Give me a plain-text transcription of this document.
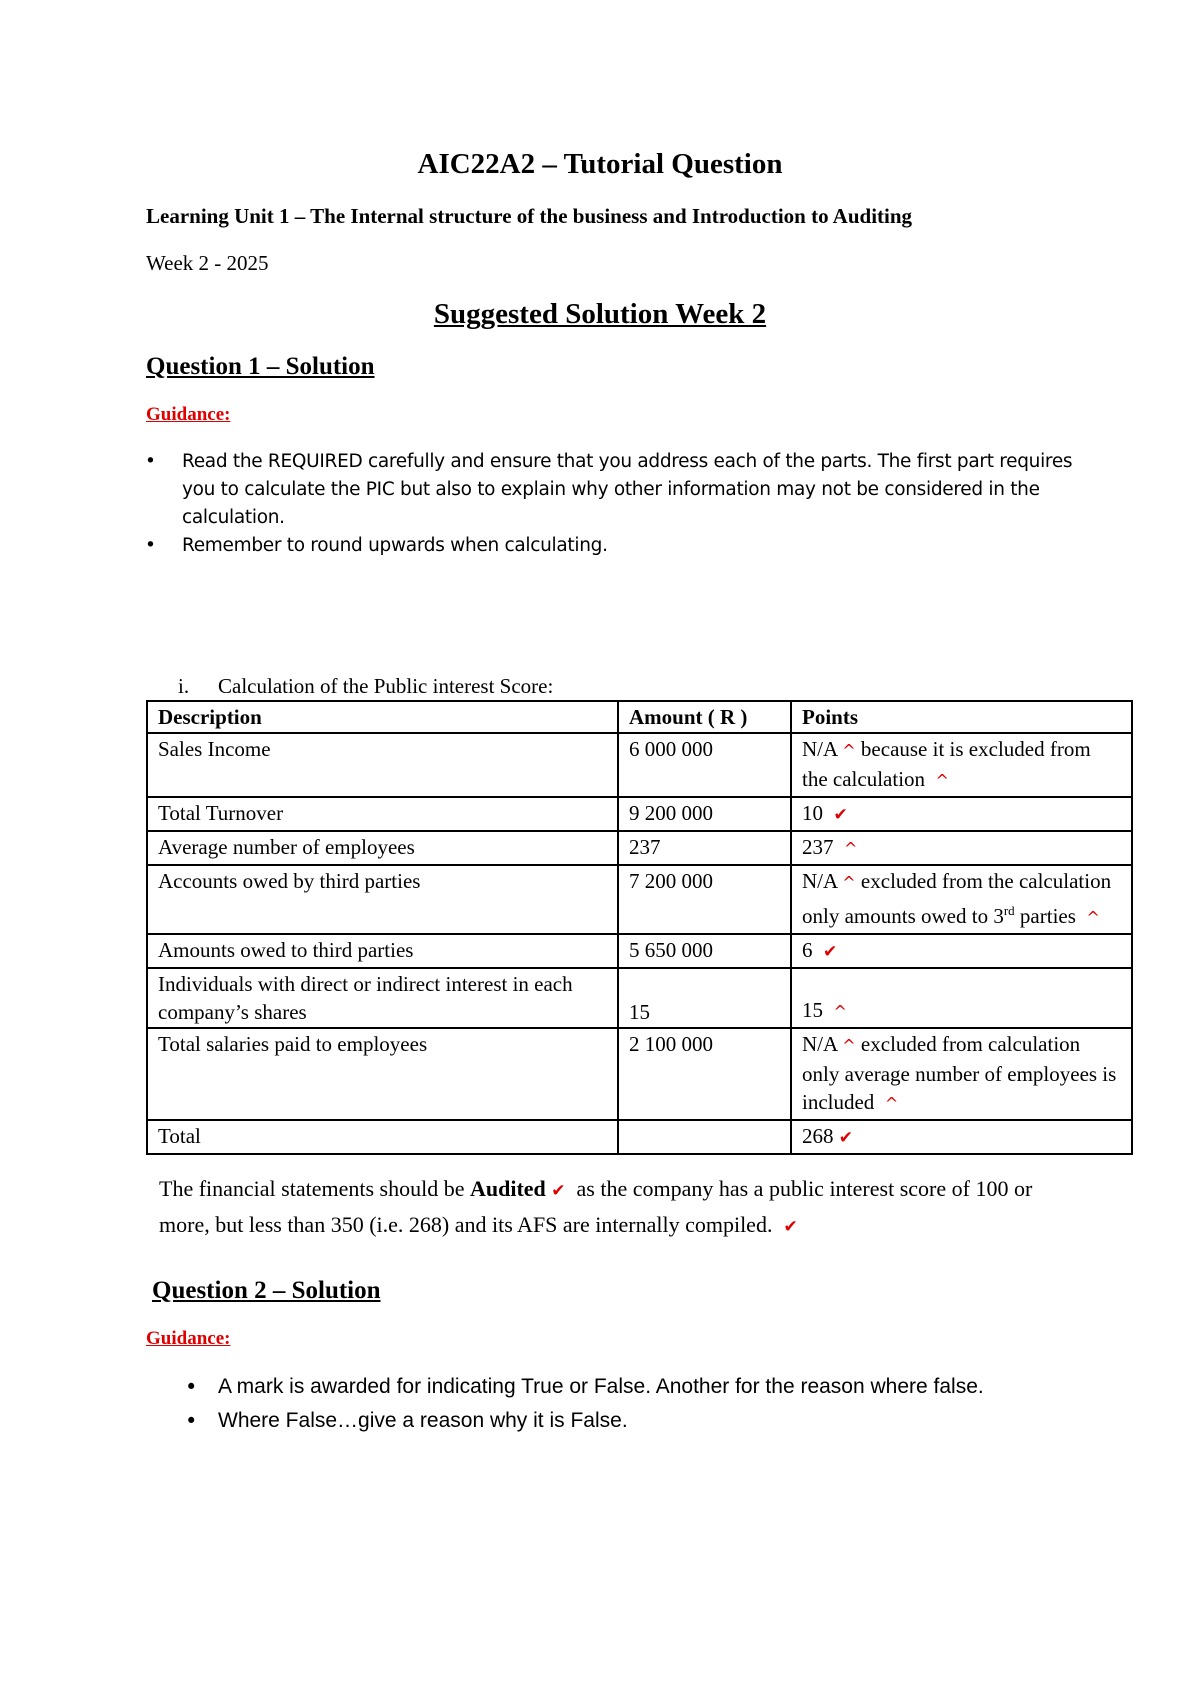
AIC22A2 – Tutorial Question
Learning Unit 1 – The Internal structure of the business and Introduction to Auditing
Week 2 - 2025
Suggested Solution Week 2
Question 1 – Solution
Guidance:
• Read the REQUIRED carefully and ensure that you address each of the parts. The first part requires you to calculate the PIC but also to explain why other information may not be considered in the calculation.
• Remember to round upwards when calculating.
i. Calculation of the Public interest Score:
Description	Amount ( R )	Points
Sales Income	6 000 000	N/A ^ because it is excluded from the calculation ^
Total Turnover	9 200 000	10 ✔
Average number of employees	237	237 ^
Accounts owed by third parties	7 200 000	N/A ^ excluded from the calculation only amounts owed to 3rd parties ^
Amounts owed to third parties	5 650 000	6 ✔
Individuals with direct or indirect interest in each company’s shares	15	15 ^
Total salaries paid to employees	2 100 000	N/A ^ excluded from calculation only average number of employees is included ^
Total		268 ✔
The financial statements should be Audited ✔ as the company has a public interest score of 100 or more, but less than 350 (i.e. 268) and its AFS are internally compiled. ✔
Question 2 – Solution
Guidance:
• A mark is awarded for indicating True or False. Another for the reason where false.
• Where False…give a reason why it is False.
